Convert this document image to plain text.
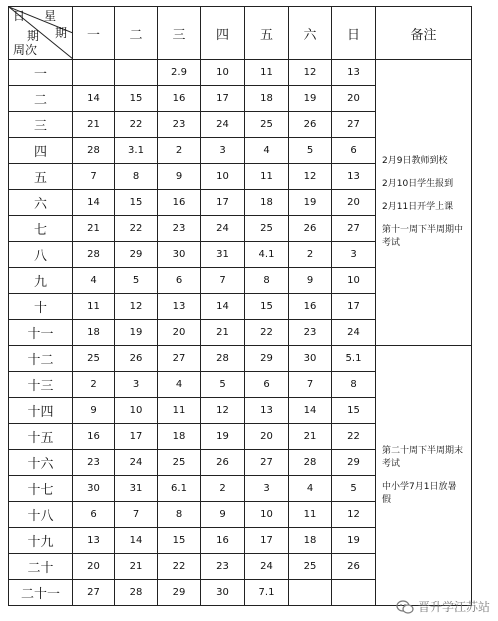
日 星
期
期
周次	一	二	三	四	五	六	日	备注
一			2.9	10	11	12	13	2月9日教师到校

2月10日学生报到

2月11日开学上课

第十一周下半周期中考试

二	14	15	16	17	18	19	20	
三	21	22	23	24	25	26	27	
四	28	3.1	2	3	4	5	6	
五	7	8	9	10	11	12	13	
六	14	15	16	17	18	19	20	
七	21	22	23	24	25	26	27	
八	28	29	30	31	4.1	2	3	
九	4	5	6	7	8	9	10	
十	11	12	13	14	15	16	17	
十一	18	19	20	21	22	23	24	
十二	25	26	27	28	29	30	5.1	第二十周下半周期末考试

中小学7月1日放暑假

十三	2	3	4	5	6	7	8	
十四	9	10	11	12	13	14	15	
十五	16	17	18	19	20	21	22	
十六	23	24	25	26	27	28	29	
十七	30	31	6.1	2	3	4	5	
十八	6	7	8	9	10	11	12	
十九	13	14	15	16	17	18	19	
二十	20	21	22	23	24	25	26	
二十一	27	28	29	30	7.1			
晋升学江苏站
